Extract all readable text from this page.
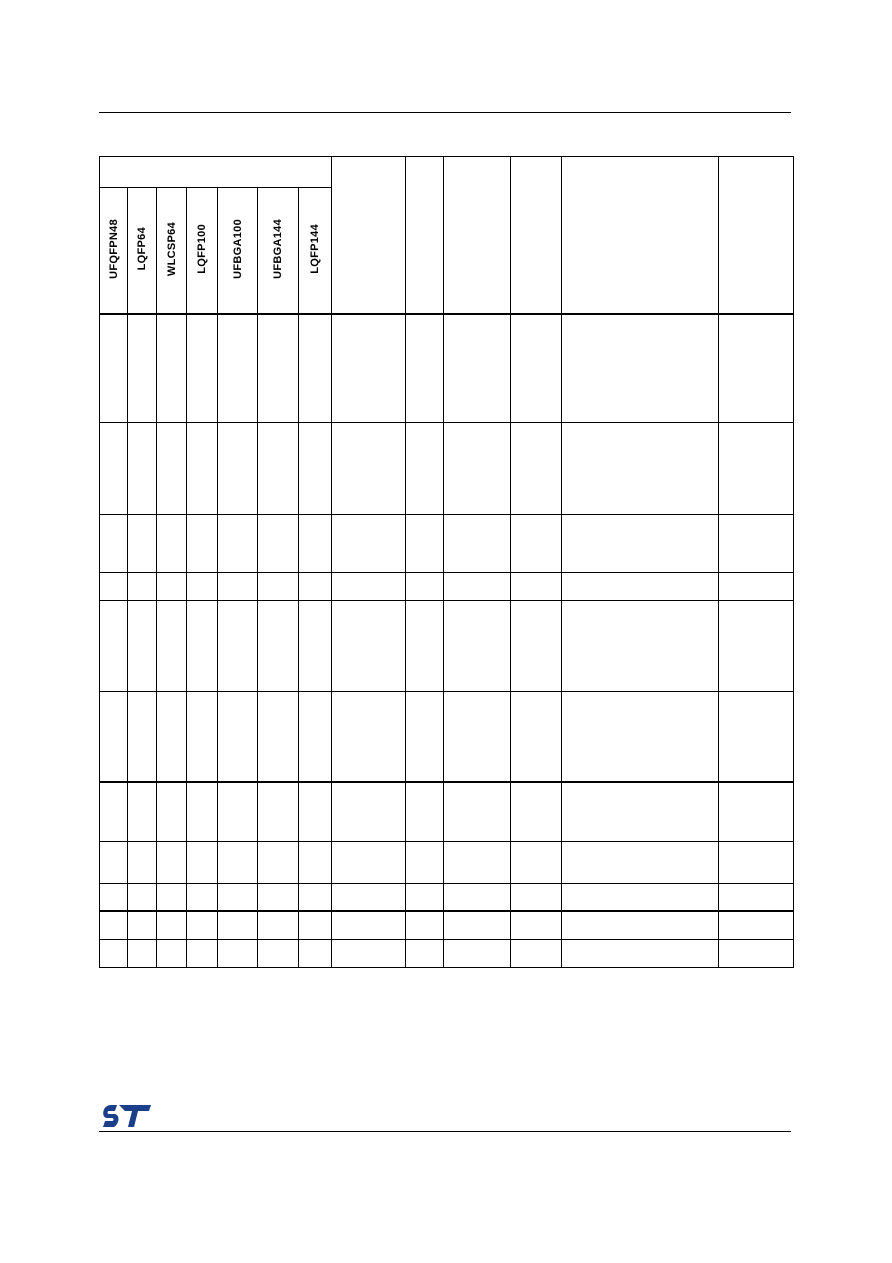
UFQFPN48	LQFP64	WLCSP64	LQFP100	UFBGA100	UFBGA144	LQFP144						
